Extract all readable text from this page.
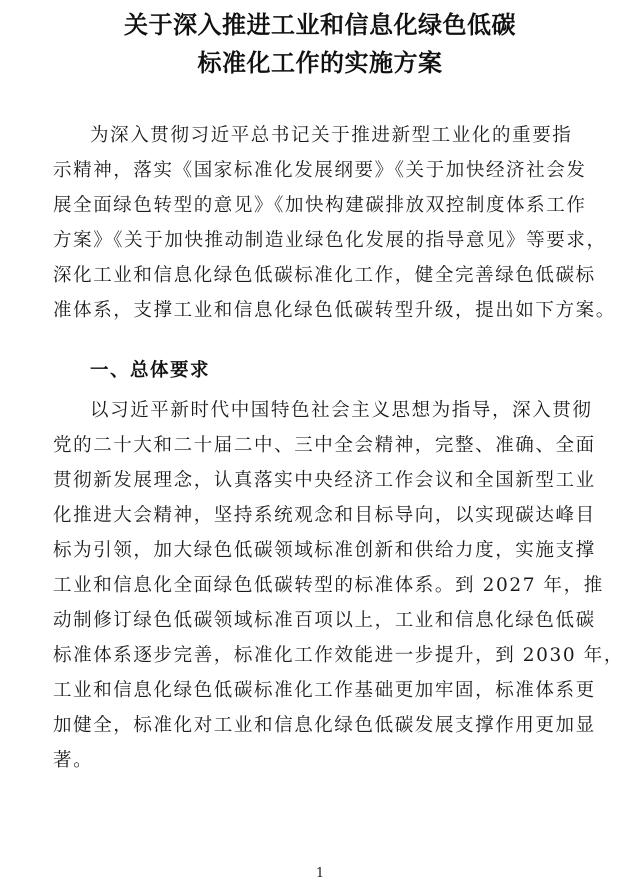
关于深入推进工业和信息化绿色低碳
标准化工作的实施方案
为深入贯彻习近平总书记关于推进新型工业化的重要指
示精神，落实《国家标准化发展纲要》《关于加快经济社会发
展全面绿色转型的意见》《加快构建碳排放双控制度体系工作
方案》《关于加快推动制造业绿色化发展的指导意见》等要求，
深化工业和信息化绿色低碳标准化工作，健全完善绿色低碳标
准体系，支撑工业和信息化绿色低碳转型升级，提出如下方案。
一、总体要求
以习近平新时代中国特色社会主义思想为指导，深入贯彻
党的二十大和二十届二中、三中全会精神，完整、准确、全面
贯彻新发展理念，认真落实中央经济工作会议和全国新型工业
化推进大会精神，坚持系统观念和目标导向，以实现碳达峰目
标为引领，加大绿色低碳领域标准创新和供给力度，实施支撑
工业和信息化全面绿色低碳转型的标准体系。到 2027 年，推
动制修订绿色低碳领域标准百项以上，工业和信息化绿色低碳
标准体系逐步完善，标准化工作效能进一步提升，到 2030 年，
工业和信息化绿色低碳标准化工作基础更加牢固，标准体系更
加健全，标准化对工业和信息化绿色低碳发展支撑作用更加显
著。
1
